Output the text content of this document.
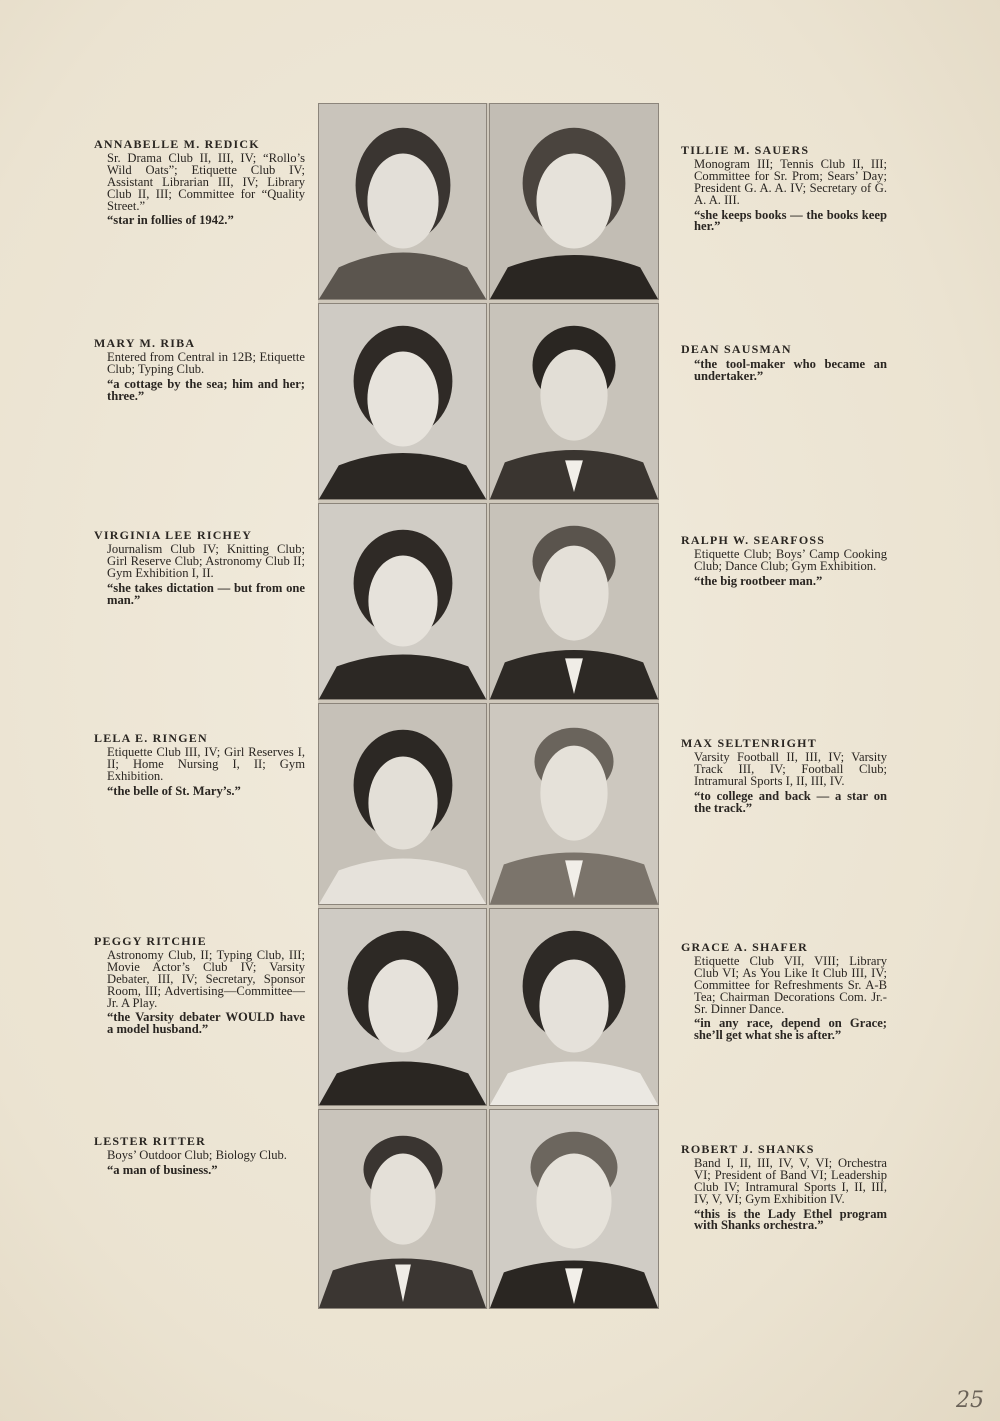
ANNABELLE M. REDICK
Sr. Drama Club II, III, IV; “Rollo’s Wild Oats”; Etiquette Club IV; Assistant Librarian III, IV; Library Club II, III; Committee for “Quality Street.”
“star in follies of 1942.”
MARY M. RIBA
Entered from Central in 12B; Etiquette Club; Typing Club.
“a cottage by the sea; him and her; three.”
VIRGINIA LEE RICHEY
Journalism Club IV; Knitting Club; Girl Reserve Club; Astronomy Club II; Gym Exhibition I, II.
“she takes dictation — but from one man.”
LELA E. RINGEN
Etiquette Club III, IV; Girl Reserves I, II; Home Nursing I, II; Gym Exhibition.
“the belle of St. Mary’s.”
PEGGY RITCHIE
Astronomy Club, II; Typing Club, III; Movie Actor’s Club IV; Varsity Debater, III, IV; Secretary, Sponsor Room, III; Advertising—Committee—Jr. A Play.
“the Varsity debater WOULD have a model husband.”
LESTER RITTER
Boys’ Outdoor Club; Biology Club.
“a man of business.”
TILLIE M. SAUERS
Monogram III; Tennis Club II, III; Committee for Sr. Prom; Sears’ Day; President G. A. A. IV; Secretary of G. A. A. III.
“she keeps books — the books keep her.”
DEAN SAUSMAN
“the tool-maker who became an undertaker.”
RALPH W. SEARFOSS
Etiquette Club; Boys’ Camp Cooking Club; Dance Club; Gym Exhibition.
“the big rootbeer man.”
MAX SELTENRIGHT
Varsity Football II, III, IV; Varsity Track III, IV; Football Club; Intramural Sports I, II, III, IV.
“to college and back — a star on the track.”
GRACE A. SHAFER
Etiquette Club VII, VIII; Library Club VI; As You Like It Club III, IV; Committee for Refreshments Sr. A-B Tea; Chairman Decorations Com. Jr.-Sr. Dinner Dance.
“in any race, depend on Grace; she’ll get what she is after.”
ROBERT J. SHANKS
Band I, II, III, IV, V, VI; Orchestra VI; President of Band VI; Leadership Club IV; Intramural Sports I, II, III, IV, V, VI; Gym Exhibition IV.
“this is the Lady Ethel program with Shanks orchestra.”
25
